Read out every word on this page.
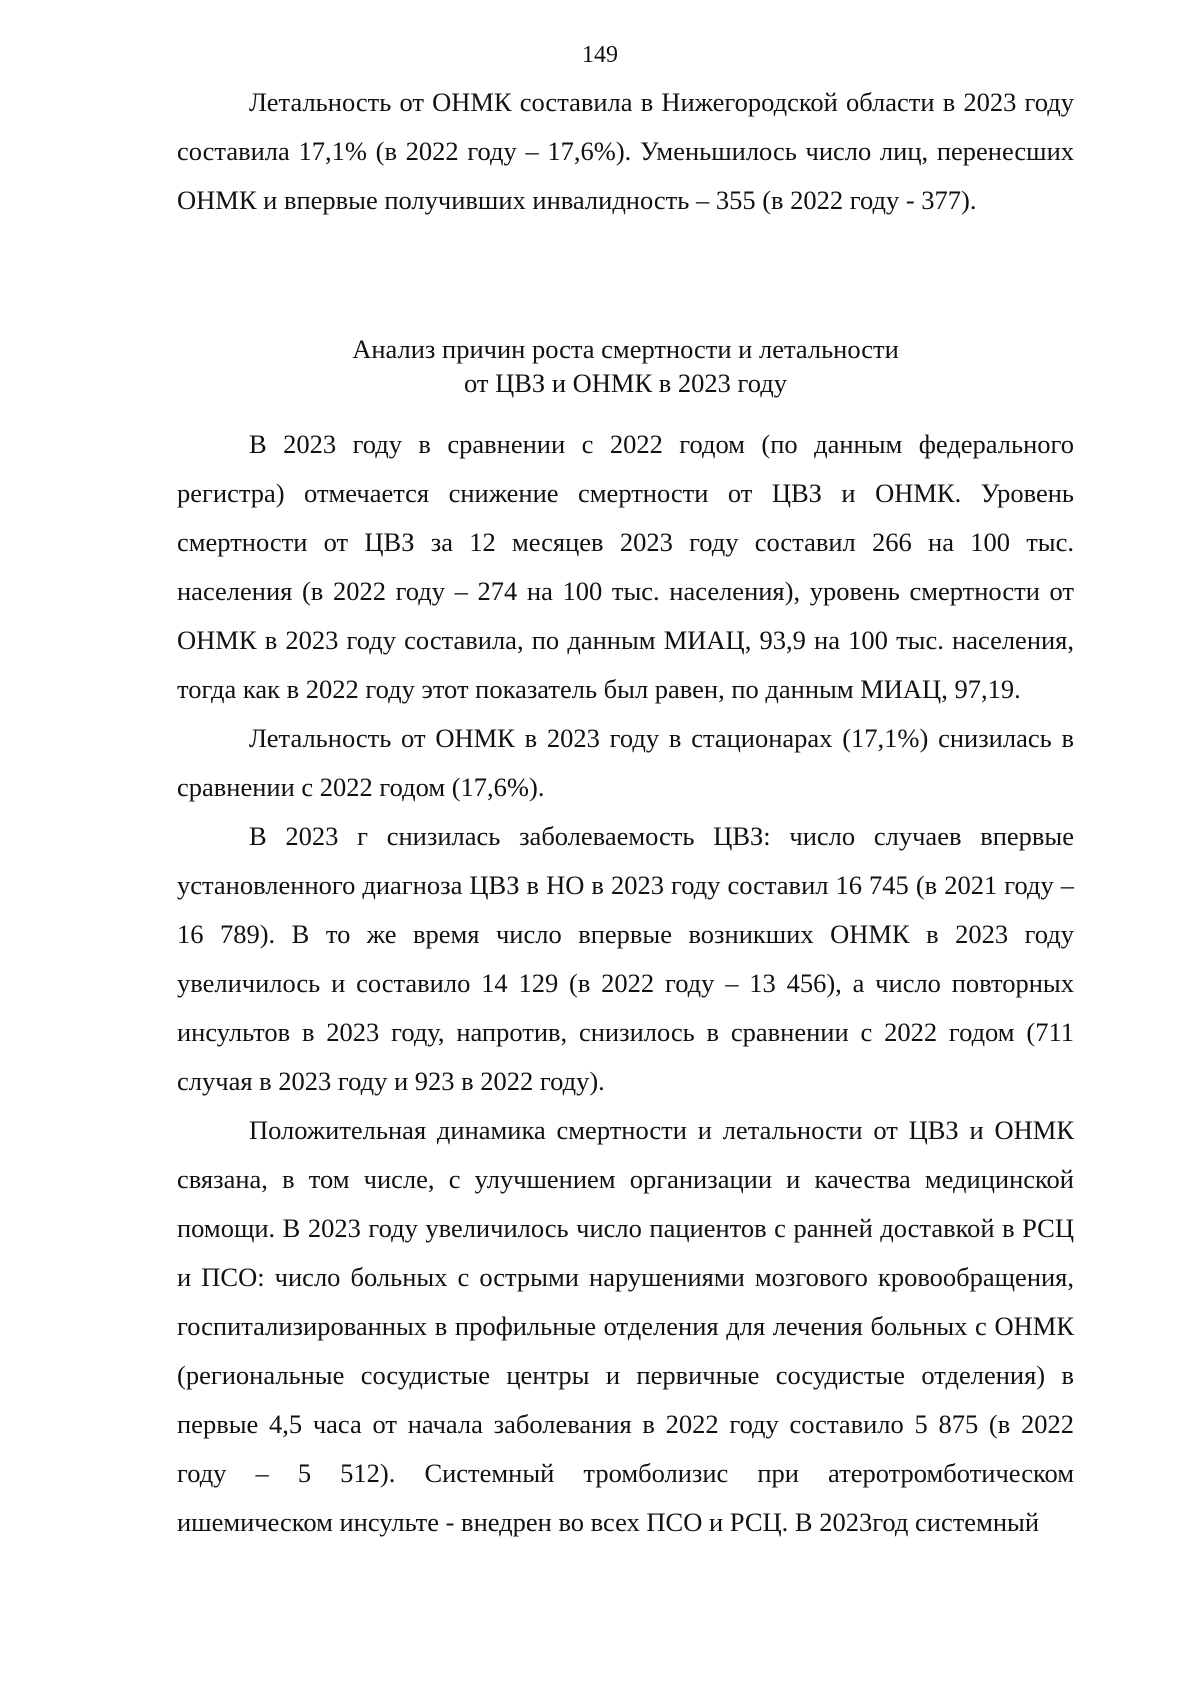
149

Летальность от ОНМК составила в Нижегородской области в 2023 году составила 17,1% (в 2022 году – 17,6%). Уменьшилось число лиц, перенесших ОНМК и впервые получивших инвалидность – 355 (в 2022 году - 377).

Анализ причин роста смертности и летальности
от ЦВЗ и ОНМК в 2023 году

В 2023 году в сравнении с 2022 годом (по данным федерального регистра) отмечается снижение смертности от ЦВЗ и ОНМК. Уровень смертности от ЦВЗ за 12 месяцев 2023 году составил 266 на 100 тыс. населения (в 2022 году – 274 на 100 тыс. населения), уровень смертности от ОНМК в 2023 году составила, по данным МИАЦ, 93,9 на 100 тыс. населения, тогда как в 2022 году этот показатель был равен, по данным МИАЦ, 97,19.

Летальность от ОНМК в 2023 году в стационарах (17,1%) снизилась в сравнении с 2022 годом (17,6%).

В 2023 г снизилась заболеваемость ЦВЗ: число случаев впервые установленного диагноза ЦВЗ в НО в 2023 году составил 16 745 (в 2021 году – 16 789). В то же время число впервые возникших ОНМК в 2023 году увеличилось и составило 14 129 (в 2022 году – 13 456), а число повторных инсультов в 2023 году, напротив, снизилось в сравнении с 2022 годом (711 случая в 2023 году и 923 в 2022 году).

Положительная динамика смертности и летальности от ЦВЗ и ОНМК связана, в том числе, с улучшением организации и качества медицинской помощи. В 2023 году увеличилось число пациентов с ранней доставкой в РСЦ и ПСО: число больных с острыми нарушениями мозгового кровообращения, госпитализированных в профильные отделения для лечения больных с ОНМК (региональные сосудистые центры и первичные сосудистые отделения) в первые 4,5 часа от начала заболевания в 2022 году составило 5 875 (в 2022 году – 5 512). Системный тромболизис при атеротромботическом ишемическом инсульте - внедрен во всех ПСО и РСЦ. В 2023год системный
